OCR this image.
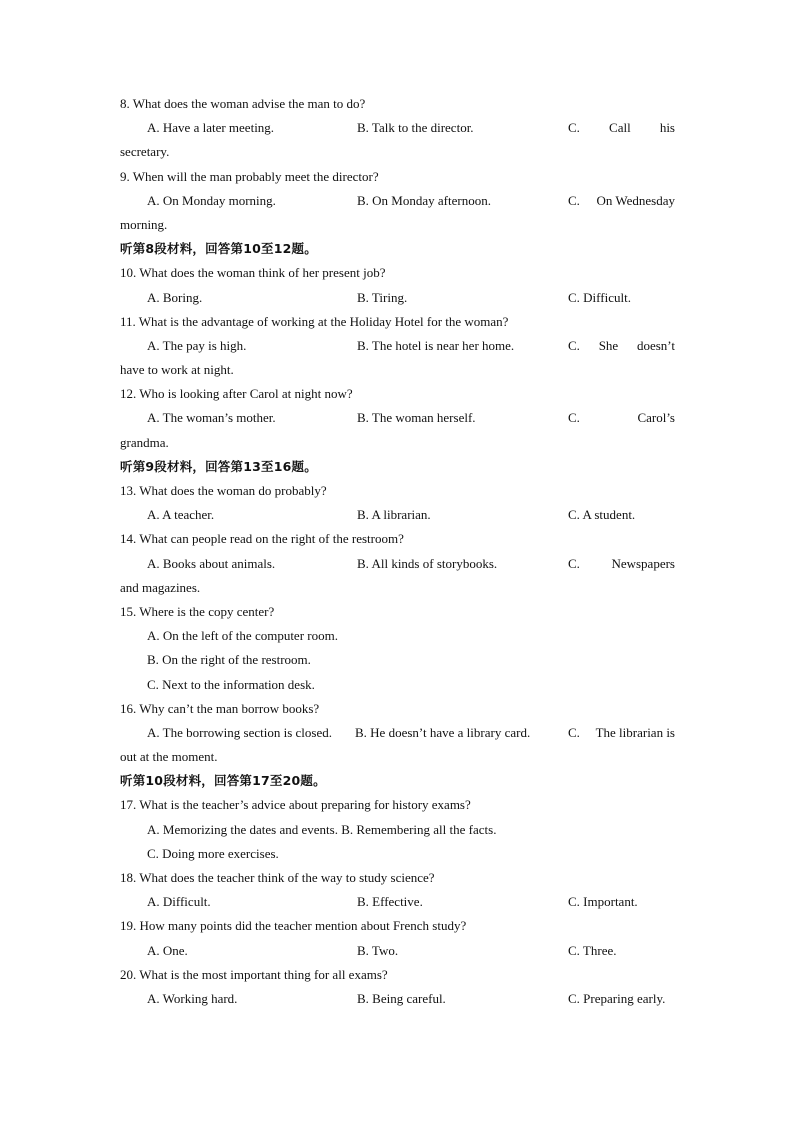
8. What does the woman advise the man to do?
A. Have a later meeting.	B. Talk to the director.	C. Call his
secretary.
9. When will the man probably meet the director?
A. On Monday morning.	B. On Monday afternoon.	C. On Wednesday
morning.
听第8段材料，回答第10至12题。
10. What does the woman think of her present job?
A. Boring.	B. Tiring.	C. Difficult.
11. What is the advantage of working at the Holiday Hotel for the woman?
A. The pay is high.	B. The hotel is near her home.	C. She doesn’t
have to work at night.
12. Who is looking after Carol at night now?
A. The woman’s mother.	B. The woman herself.	C.	Carol’s
grandma.
听第9段材料，回答第13至16题。
13. What does the woman do probably?
A. A teacher.	B. A librarian.	C. A student.
14. What can people read on the right of the restroom?
A. Books about animals.	B. All kinds of storybooks.	C. Newspapers
and magazines.
15. Where is the copy center?
A. On the left of the computer room.
B. On the right of the restroom.
C. Next to the information desk.
16. Why can’t the man borrow books?
A. The borrowing section is closed. B. He doesn’t have a library card.	C. The librarian is
out at the moment.
听第10段材料，回答第17至20题。
17. What is the teacher’s advice about preparing for history exams?
A. Memorizing the dates and events. B. Remembering all the facts.
C. Doing more exercises.
18. What does the teacher think of the way to study science?
A. Difficult.	B. Effective.	C. Important.
19. How many points did the teacher mention about French study?
A. One.	B. Two.	C. Three.
20. What is the most important thing for all exams?
A. Working hard.	B. Being careful.	C. Preparing early.
